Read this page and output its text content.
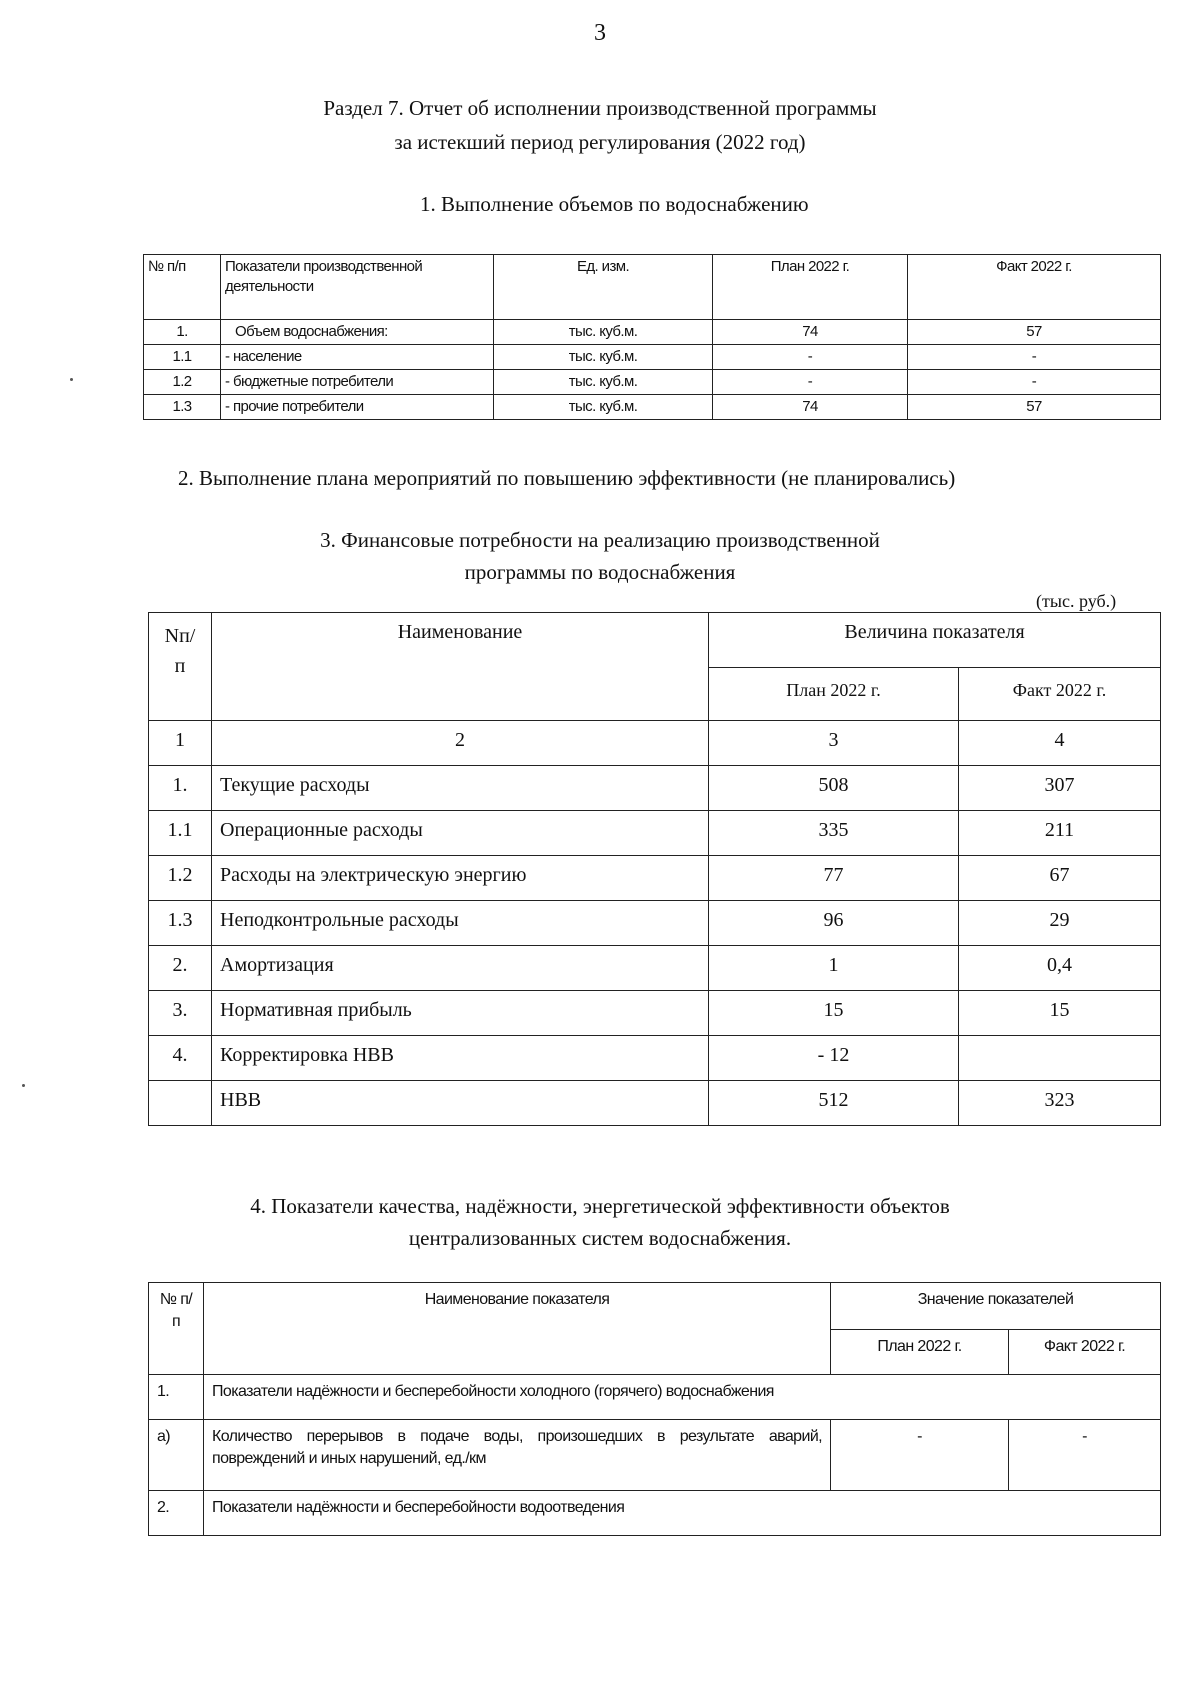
3
Раздел 7. Отчет об исполнении производственной программы
за истекший период регулирования (2022 год)
1. Выполнение объемов по водоснабжению
№ п/п	Показатели производственной деятельности	Ед. изм.	План 2022 г.	Факт 2022 г.
1.	Объем водоснабжения:	тыс. куб.м.	74	57
1.1	- население	тыс. куб.м.	-	-
1.2	- бюджетные потребители	тыс. куб.м.	-	-
1.3	- прочие потребители	тыс. куб.м.	74	57
2. Выполнение плана мероприятий по повышению эффективности (не планировались)
3. Финансовые потребности на реализацию производственной
программы по водоснабжения
(тыс. руб.)
Nп/ п	Наименование	Величина показателя	
		План 2022 г.	Факт 2022 г.
1	2	3	4
1.	Текущие расходы	508	307
1.1	Операционные расходы	335	211
1.2	Расходы на электрическую энергию	77	67
1.3	Неподконтрольные расходы	96	29
2.	Амортизация	1	0,4
3.	Нормативная прибыль	15	15
4.	Корректировка НВВ	- 12	
	НВВ	512	323
4. Показатели качества, надёжности, энергетической эффективности объектов
централизованных систем водоснабжения.
№ п/п	Наименование показателя	Значение показателей	
		План 2022 г.	Факт 2022 г.
1.	Показатели надёжности и бесперебойности холодного (горячего) водоснабжения		
а)	Количество перерывов в подаче воды, произошедших в результате аварий, повреждений и иных нарушений, ед./км	-	-
2.	Показатели надёжности и бесперебойности водоотведения		
